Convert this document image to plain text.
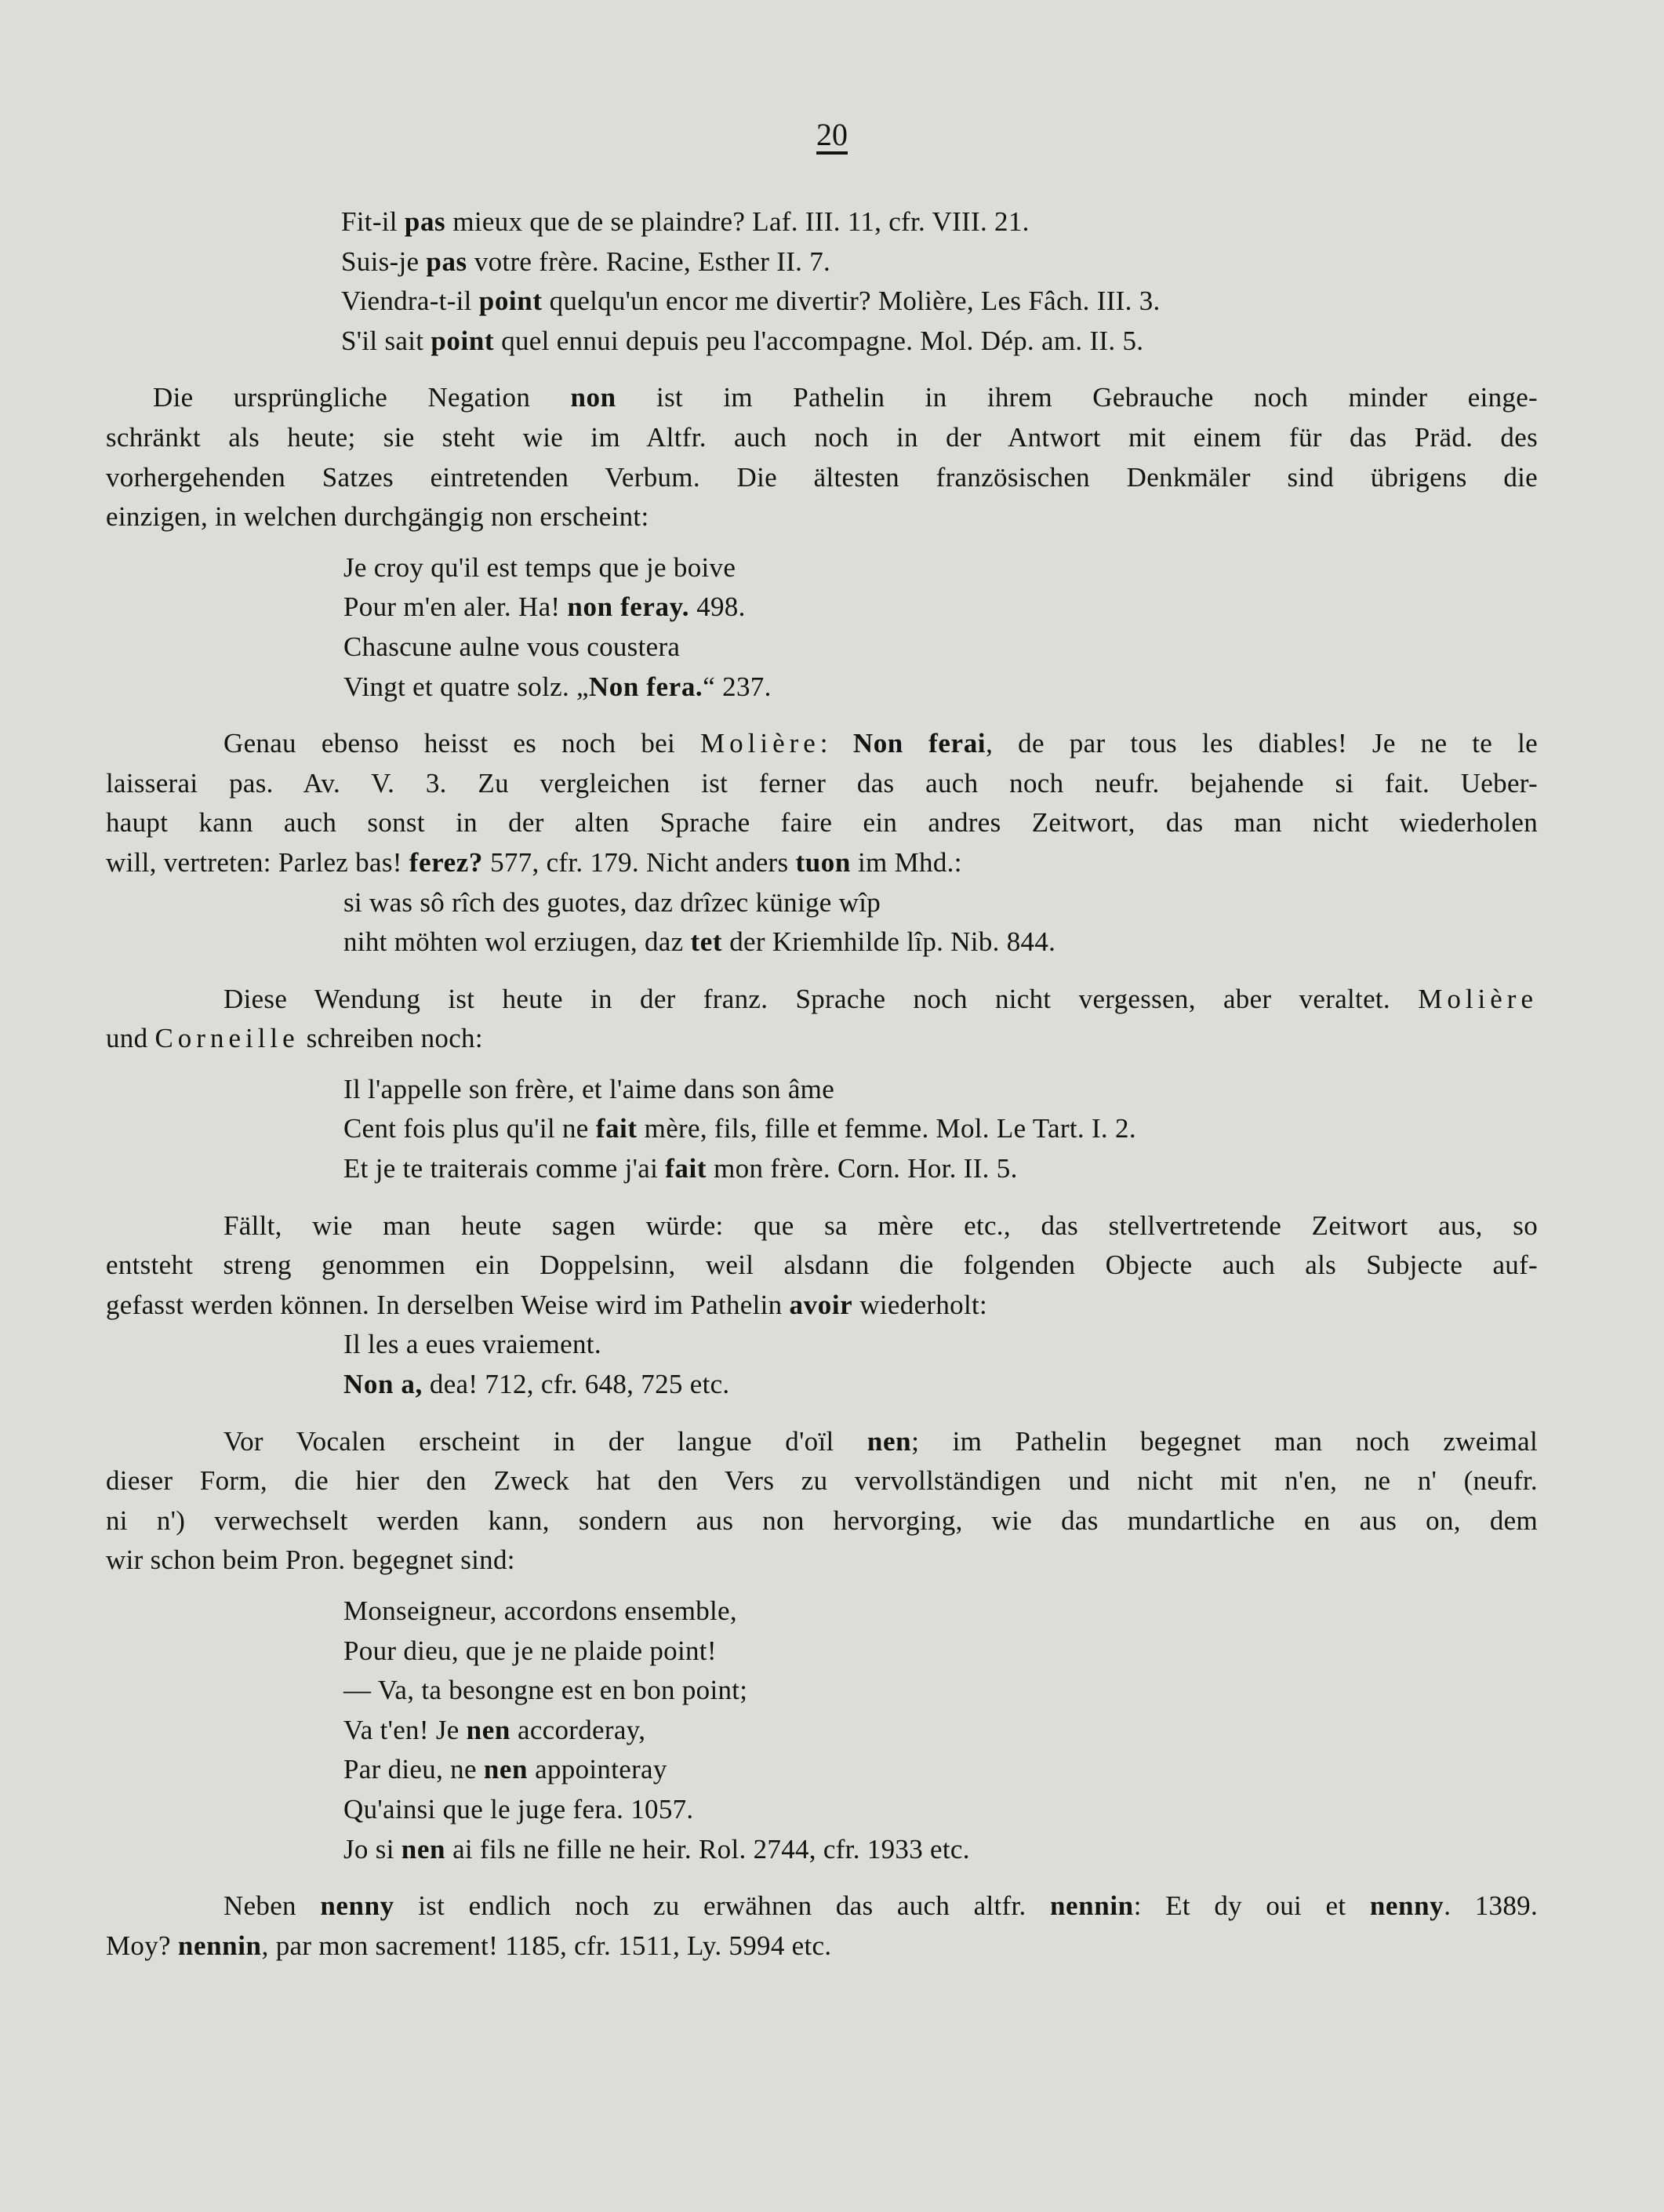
20
Fit-il pas mieux que de se plaindre? Laf. III. 11, cfr. VIII. 21.
Suis-je pas votre frère. Racine, Esther II. 7.
Viendra-t-il point quelqu'un encor me divertir? Molière, Les Fâch. III. 3.
S'il sait point quel ennui depuis peu l'accompagne. Mol. Dép. am. II. 5.
Die ursprüngliche Negation non ist im Pathelin in ihrem Gebrauche noch minder einge-
schränkt als heute; sie steht wie im Altfr. auch noch in der Antwort mit einem für das Präd. des
vorhergehenden Satzes eintretenden Verbum. Die ältesten französischen Denkmäler sind übrigens die
einzigen, in welchen durchgängig non erscheint:
Je croy qu'il est temps que je boive
Pour m'en aler. Ha! non feray. 498.
Chascune aulne vous coustera
Vingt et quatre solz. „Non fera.“ 237.
Genau ebenso heisst es noch bei Molière: Non ferai, de par tous les diables! Je ne te le
laisserai pas. Av. V. 3. Zu vergleichen ist ferner das auch noch neufr. bejahende si fait. Ueber-
haupt kann auch sonst in der alten Sprache faire ein andres Zeitwort, das man nicht wiederholen
will, vertreten: Parlez bas! ferez? 577, cfr. 179. Nicht anders tuon im Mhd.:
si was sô rîch des guotes, daz drîzec künige wîp
niht möhten wol erziugen, daz tet der Kriemhilde lîp. Nib. 844.
Diese Wendung ist heute in der franz. Sprache noch nicht vergessen, aber veraltet. Molière
und Corneille schreiben noch:
Il l'appelle son frère, et l'aime dans son âme
Cent fois plus qu'il ne fait mère, fils, fille et femme. Mol. Le Tart. I. 2.
Et je te traiterais comme j'ai fait mon frère. Corn. Hor. II. 5.
Fällt, wie man heute sagen würde: que sa mère etc., das stellvertretende Zeitwort aus, so
entsteht streng genommen ein Doppelsinn, weil alsdann die folgenden Objecte auch als Subjecte auf-
gefasst werden können. In derselben Weise wird im Pathelin avoir wiederholt:
Il les a eues vraiement.
Non a, dea! 712, cfr. 648, 725 etc.
Vor Vocalen erscheint in der langue d'oïl nen; im Pathelin begegnet man noch zweimal
dieser Form, die hier den Zweck hat den Vers zu vervollständigen und nicht mit n'en, ne n' (neufr.
ni n') verwechselt werden kann, sondern aus non hervorging, wie das mundartliche en aus on, dem
wir schon beim Pron. begegnet sind:
Monseigneur, accordons ensemble,
Pour dieu, que je ne plaide point!
— Va, ta besongne est en bon point;
Va t'en! Je nen accorderay,
Par dieu, ne nen appointeray
Qu'ainsi que le juge fera. 1057.
Jo si nen ai fils ne fille ne heir. Rol. 2744, cfr. 1933 etc.
Neben nenny ist endlich noch zu erwähnen das auch altfr. nennin: Et dy oui et nenny. 1389.
Moy? nennin, par mon sacrement! 1185, cfr. 1511, Ly. 5994 etc.
